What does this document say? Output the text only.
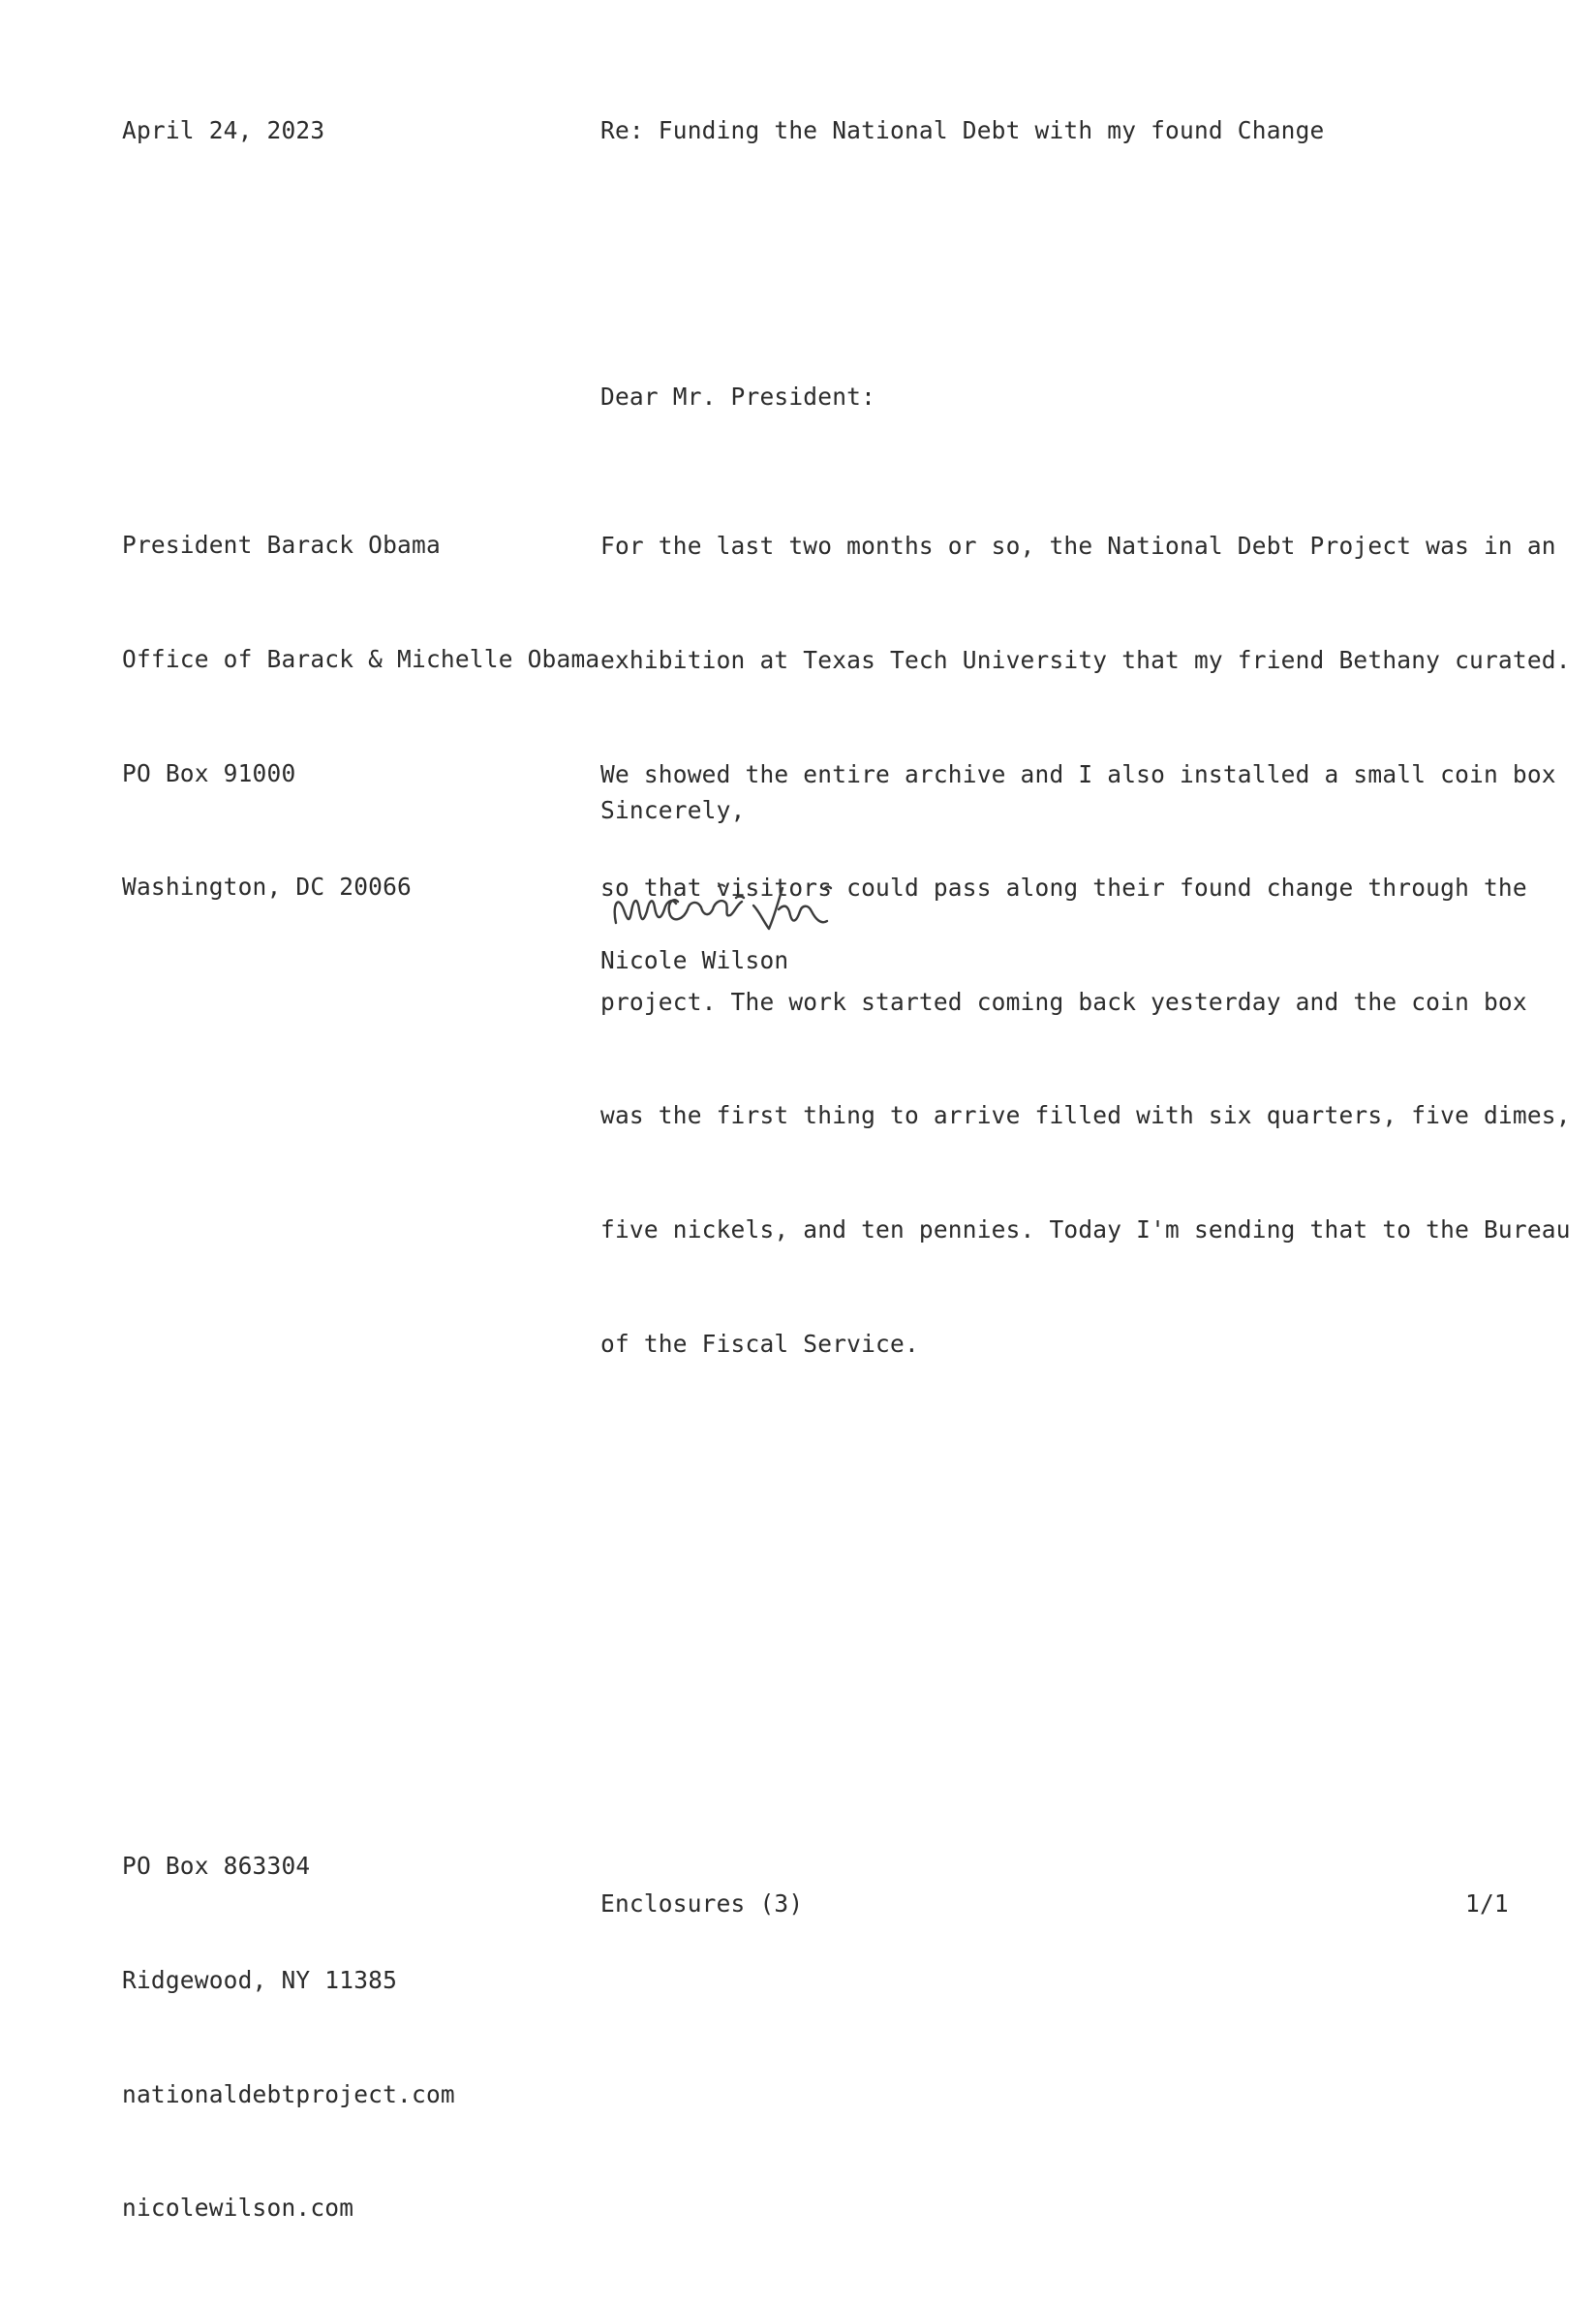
April 24, 2023	Re: Funding the National Debt with my found Change
Dear Mr. President:

President Barack Obama

Office of Barack & Michelle Obama

PO Box 91000

Washington, DC 20066

For the last two months or so, the National Debt Project was in an

exhibition at Texas Tech University that my friend Bethany curated.

We showed the entire archive and I also installed a small coin box

so that visitors could pass along their found change through the

project. The work started coming back yesterday and the coin box

was the first thing to arrive filled with six quarters, five dimes,

five nickels, and ten pennies. Today I'm sending that to the Bureau

of the Fiscal Service.

Sincerely,
Nicole Wilson

PO Box 863304

Ridgewood, NY 11385

nationaldebtproject.com

nicolewilson.com

Enclosures (3)	1/1
